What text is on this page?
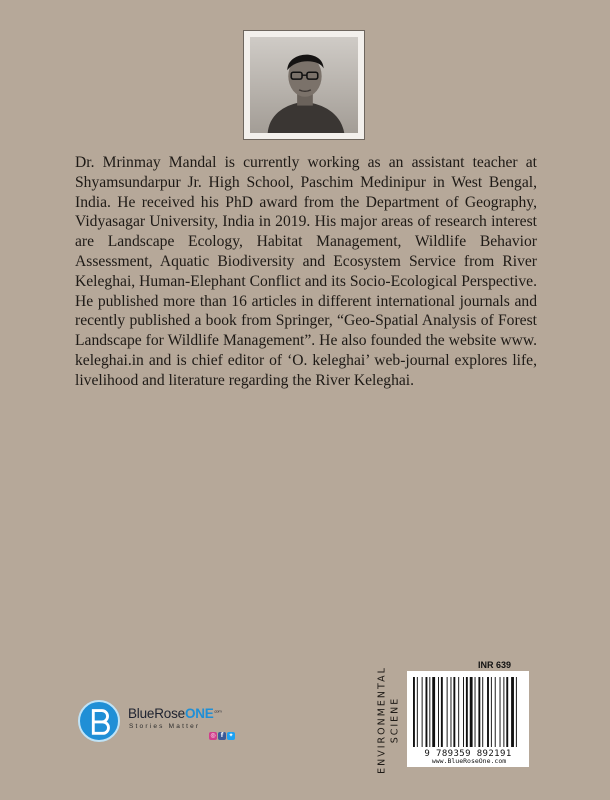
Dr. Mrinmay Mandal is currently working as an assistant teacher at Shyamsundarpur Jr. High School, Paschim Medinipur in West Bengal, India. He received his PhD award from the Department of Geography, Vidyasagar University, India in 2019. His major areas of research interest are Landscape Ecology, Habitat Management, Wildlife Behavior Assessment, Aquatic Biodiversity and Ecosystem Service from River Keleghai, Human-Elephant Conflict and its Socio-Ecological Perspective. He published more than 16 articles in different international journals and recently published a book from Springer, “Geo-Spatial Analysis of Forest Landscape for Wildlife Management”. He also founded the website www. keleghai.in and is chief editor of ‘O. keleghai’ web-journal explores life, livelihood and literature regarding the River Keleghai.

BlueRoseONE$^{.com}$
Stories Matter
◎ f ✦	ENVIRONMENTAL SCIENE
INR 639
9 789359 892191
www.BlueRoseOne.com
